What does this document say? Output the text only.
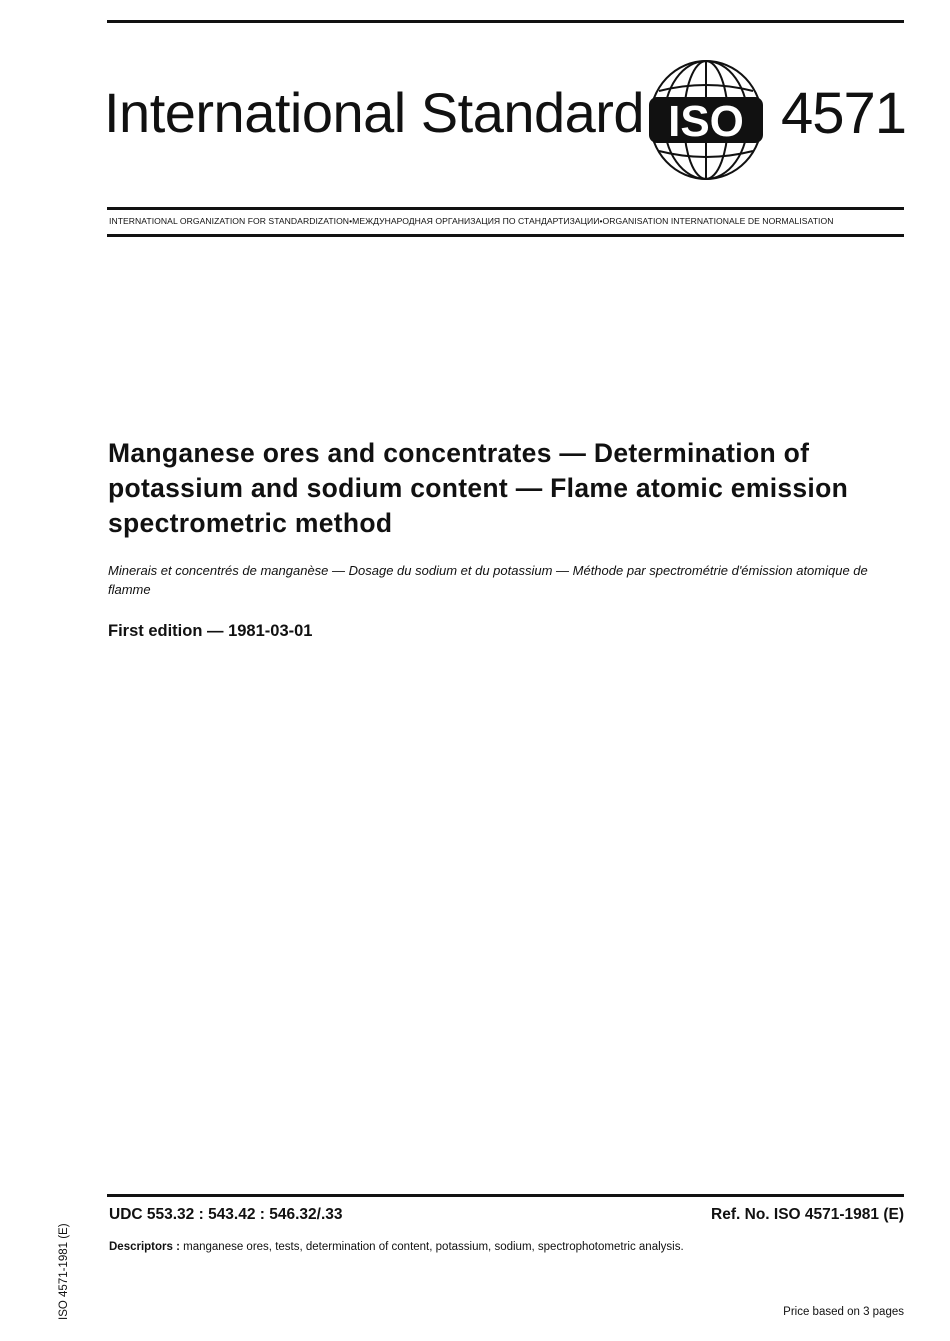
International Standard ISO 4571
INTERNATIONAL ORGANIZATION FOR STANDARDIZATION•МЕЖДУНАРОДНАЯ ОРГАНИЗАЦИЯ ПО СТАНДАРТИЗАЦИИ•ORGANISATION INTERNATIONALE DE NORMALISATION
Manganese ores and concentrates — Determination of potassium and sodium content — Flame atomic emission spectrometric method
Minerais et concentrés de manganèse — Dosage du sodium et du potassium — Méthode par spectrométrie d'émission atomique de flamme
First edition — 1981-03-01
UDC 553.32 : 543.42 : 546.32/.33	Ref. No. ISO 4571-1981 (E)
Descriptors : manganese ores, tests, determination of content, potassium, sodium, spectrophotometric analysis.
Price based on 3 pages
ISO 4571-1981 (E)
